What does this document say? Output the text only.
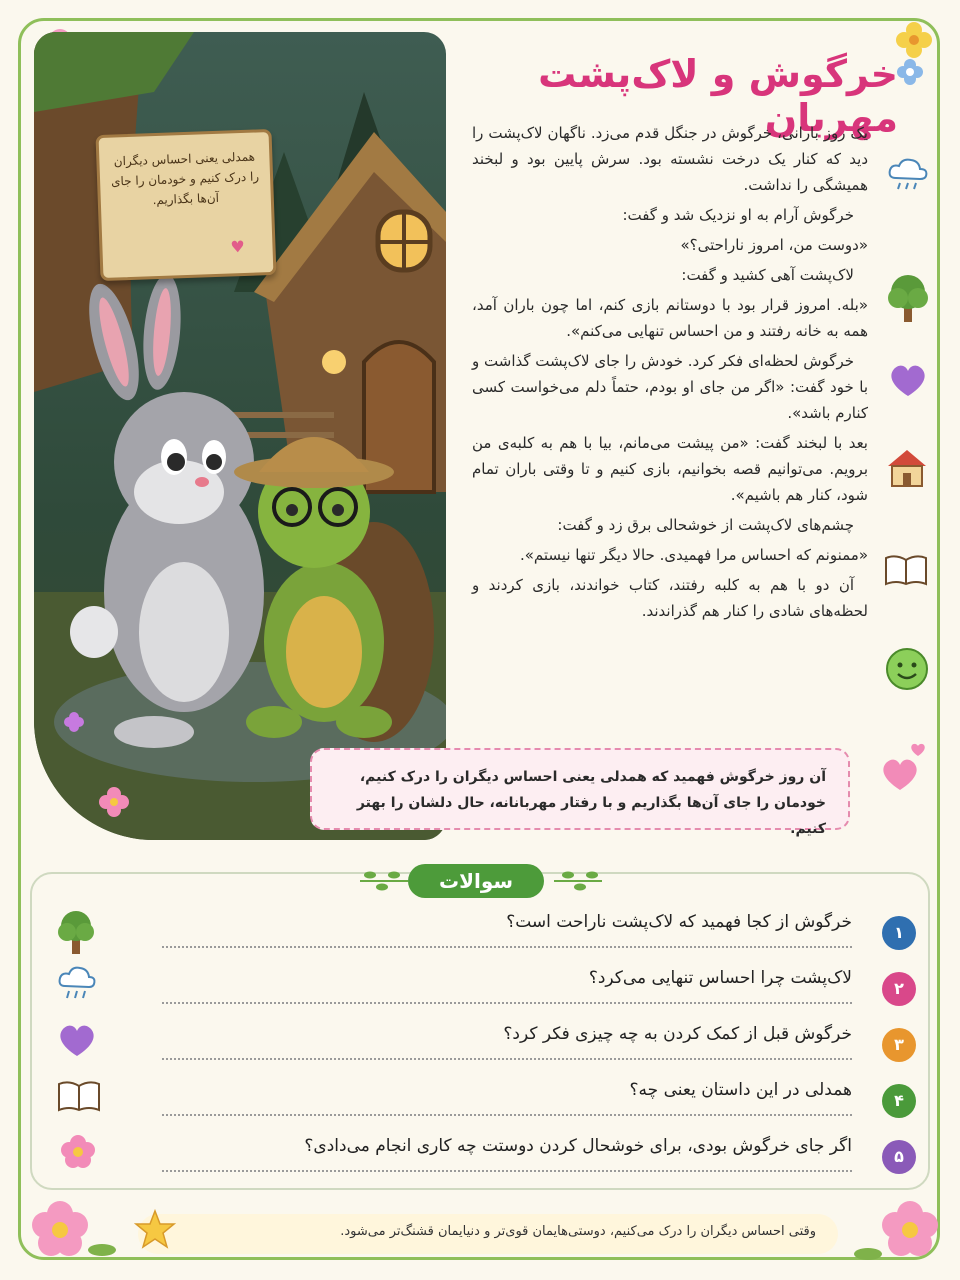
همدلی یعنی احساس دیگران را درک کنیم و خودمان را جای آن‌ها بگذاریم.
♥
خرگوش و لاک‌پشت مهربان

یک روز بارانی، خرگوش در جنگل قدم می‌زد. ناگهان لاک‌پشت را دید که کنار یک درخت نشسته بود. سرش پایین بود و لبخند همیشگی را نداشت.

خرگوش آرام به او نزدیک شد و گفت:

«دوست من، امروز ناراحتی؟»

لاک‌پشت آهی کشید و گفت:

«بله. امروز قرار بود با دوستانم بازی کنم، اما چون باران آمد، همه به خانه رفتند و من احساس تنهایی می‌کنم».

خرگوش لحظه‌ای فکر کرد. خودش را جای لاک‌پشت گذاشت و با خود گفت: «اگر من جای او بودم، حتماً دلم می‌خواست کسی کنارم باشد».

بعد با لبخند گفت: «من پیشت می‌مانم، بیا با هم به کلبه‌ی من برویم. می‌توانیم قصه بخوانیم، بازی کنیم و تا وقتی باران تمام شود، کنار هم باشیم».

چشم‌های لاک‌پشت از خوشحالی برق زد و گفت:

«ممنونم که احساس مرا فهمیدی. حالا دیگر تنها نیستم».

آن دو با هم به کلبه رفتند، کتاب خواندند، بازی کردند و لحظه‌های شادی را کنار هم گذراندند.

آن روز خرگوش فهمید که همدلی یعنی احساس دیگران را درک کنیم، خودمان را جای آن‌ها بگذاریم و با رفتار مهربانانه، حال دلشان را بهتر کنیم.
سوالات
۱
خرگوش از کجا فهمید که لاک‌پشت ناراحت است؟
۲
لاک‌پشت چرا احساس تنهایی می‌کرد؟
۳
خرگوش قبل از کمک کردن به چه چیزی فکر کرد؟
۴
همدلی در این داستان یعنی چه؟
۵
اگر جای خرگوش بودی، برای خوشحال کردن دوستت چه کاری انجام می‌دادی؟
وقتی احساس دیگران را درک می‌کنیم، دوستی‌هایمان قوی‌تر و دنیایمان قشنگ‌تر می‌شود.
